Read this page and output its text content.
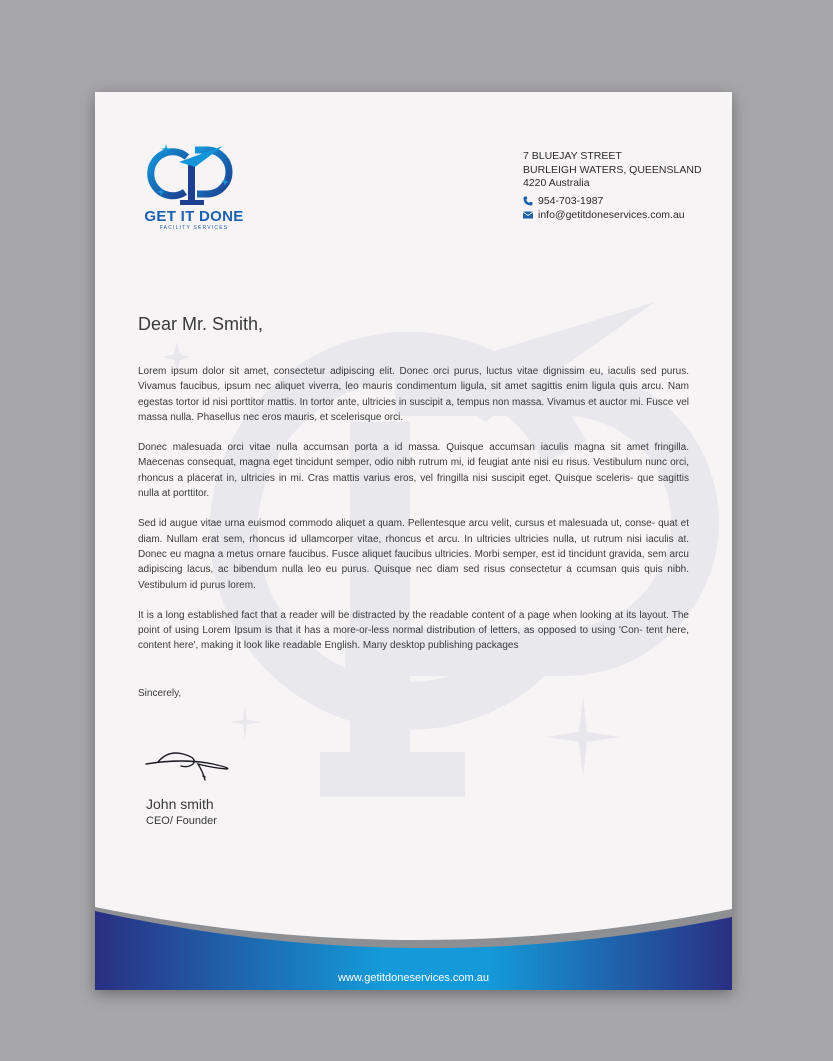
GET IT DONE
FACILITY SERVICES
7 BLUEJAY STREET
BURLEIGH WATERS, QUEENSLAND
4220 Australia
954-703-1987
info@getitdoneservices.com.au
Dear Mr. Smith,

Lorem ipsum dolor sit amet, consectetur adipiscing elit. Donec orci purus, luctus vitae dignissim eu, iaculis sed purus. Vivamus faucibus, ipsum nec aliquet viverra, leo mauris condimentum ligula, sit amet sagittis enim ligula quis arcu. Nam egestas tortor id nisi porttitor mattis. In tortor ante, ultricies in suscipit a, tempus non massa. Vivamus et auctor mi. Fusce vel massa nulla. Phasellus nec eros mauris, et scelerisque orci.

Donec malesuada orci vitae nulla accumsan porta a id massa. Quisque accumsan iaculis magna sit amet fringilla. Maecenas consequat, magna eget tincidunt semper, odio nibh rutrum mi, id feugiat ante nisi eu risus. Vestibulum nunc orci, rhoncus a placerat in, ultricies in mi. Cras mattis varius eros, vel fringilla nisi suscipit eget. Quisque sceleris- que sagittis nulla at porttitor.

Sed id augue vitae urna euismod commodo aliquet a quam. Pellentesque arcu velit, cursus et malesuada ut, conse- quat et diam. Nullam erat sem, rhoncus id ullamcorper vitae, rhoncus et arcu. In ultricies ultricies nulla, ut rutrum nisi iaculis at. Donec eu magna a metus ornare faucibus. Fusce aliquet faucibus ultricies. Morbi semper, est id tincidunt gravida, sem arcu adipiscing lacus, ac bibendum nulla leo eu purus. Quisque nec diam sed risus consectetur a ccumsan quis quis nibh. Vestibulum id purus lorem.

It is a long established fact that a reader will be distracted by the readable content of a page when looking at its layout. The point of using Lorem Ipsum is that it has a more-or-less normal distribution of letters, as opposed to using 'Con- tent here, content here', making it look like readable English. Many desktop publishing packages

Sincerely,
John smith
CEO/ Founder
www.getitdoneservices.com.au
